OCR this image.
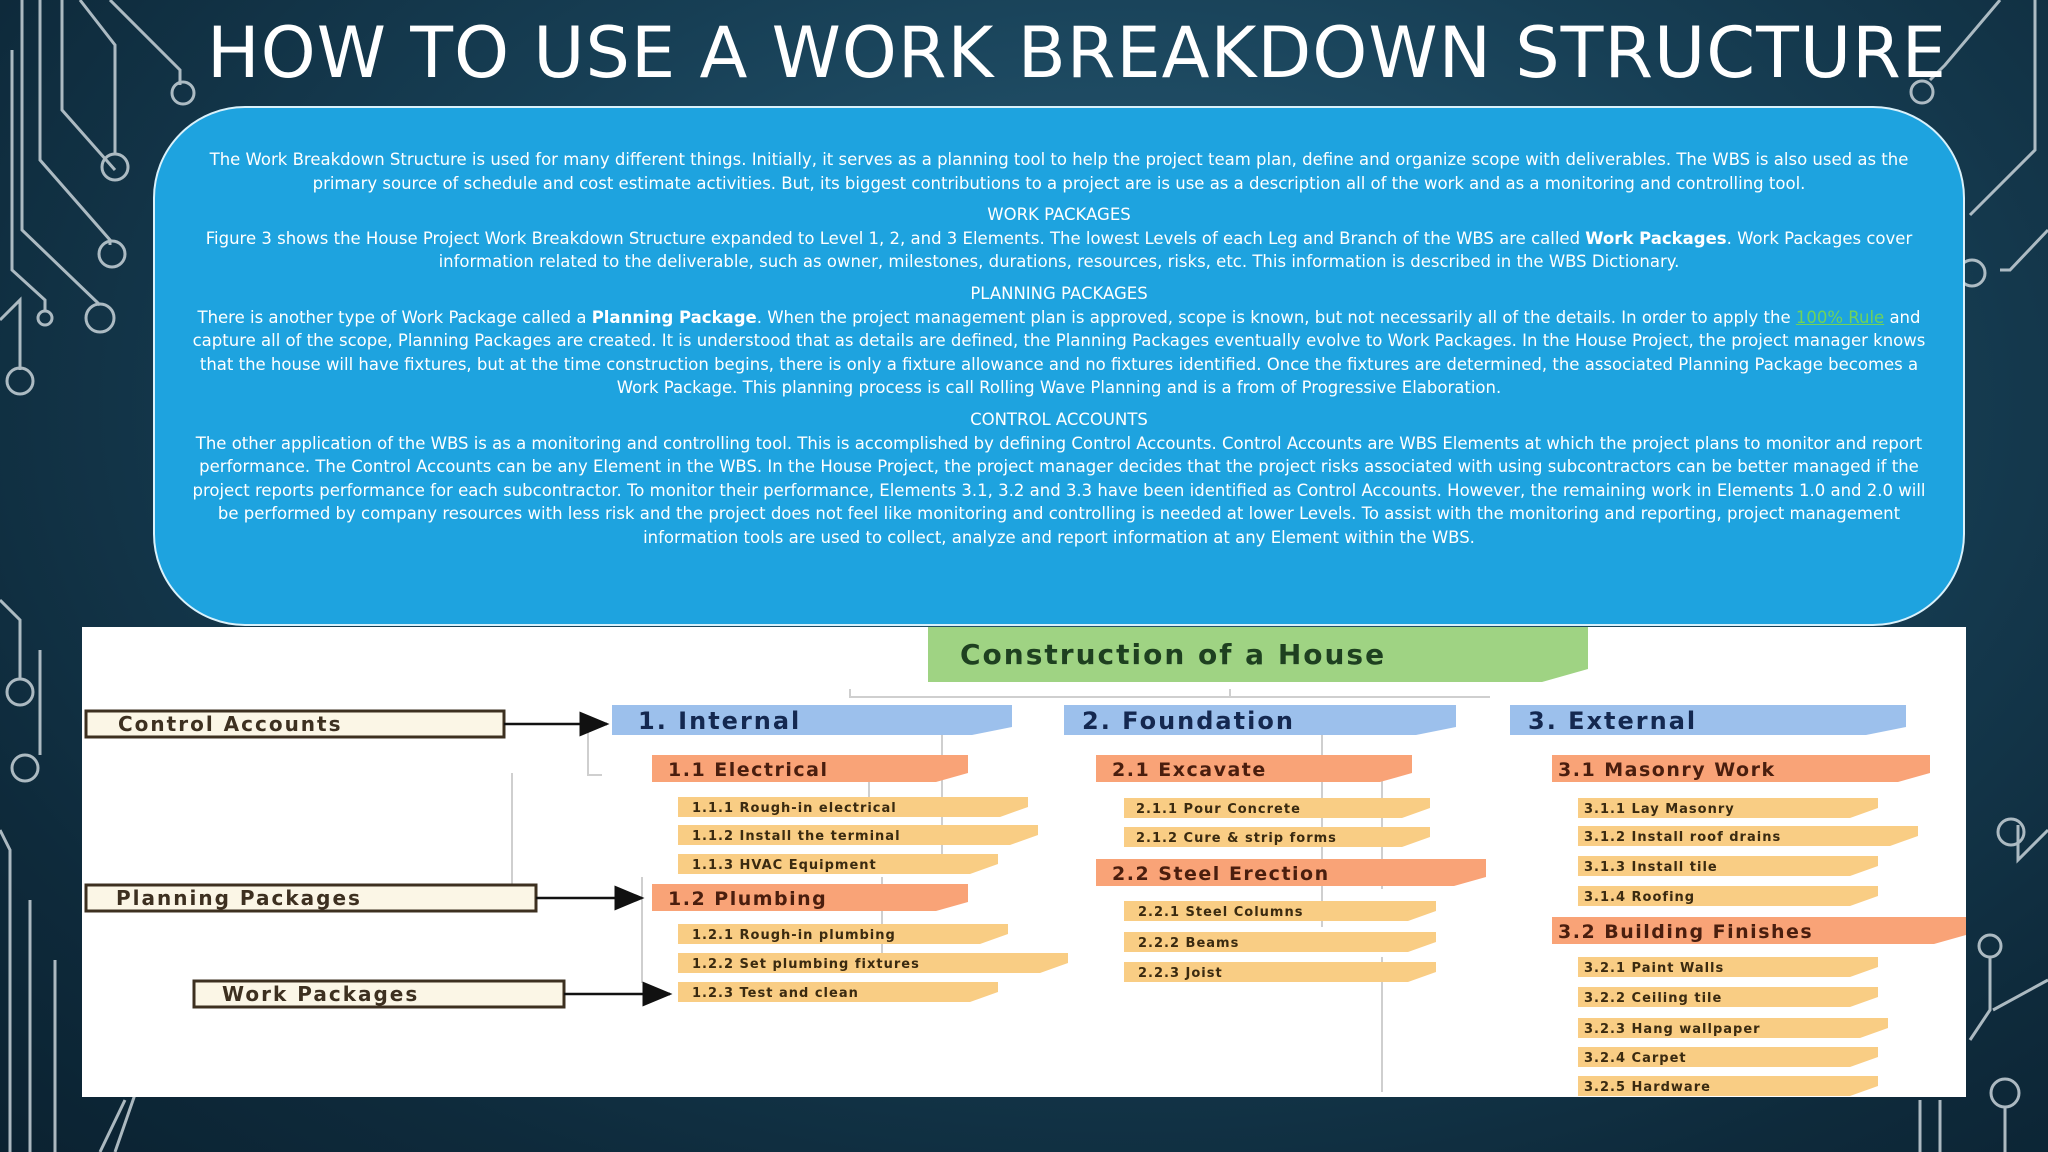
HOW TO USE A WORK BREAKDOWN STRUCTURE

The Work Breakdown Structure is used for many different things. Initially, it serves as a planning tool to help the project team plan, define and organize scope with deliverables. The WBS is also used as the primary source of schedule and cost estimate activities. But, its biggest contributions to a project are is use as a description all of the work and as a monitoring and controlling tool.

WORK PACKAGES

Figure 3 shows the House Project Work Breakdown Structure expanded to Level 1, 2, and 3 Elements. The lowest Levels of each Leg and Branch of the WBS are called Work Packages. Work Packages cover information related to the deliverable, such as owner, milestones, durations, resources, risks, etc. This information is described in the WBS Dictionary.

PLANNING PACKAGES

There is another type of Work Package called a Planning Package. When the project management plan is approved, scope is known, but not necessarily all of the details. In order to apply the 100% Rule and capture all of the scope, Planning Packages are created. It is understood that as details are defined, the Planning Packages eventually evolve to Work Packages. In the House Project, the project manager knows that the house will have fixtures, but at the time construction begins, there is only a fixture allowance and no fixtures identified. Once the fixtures are determined, the associated Planning Package becomes a Work Package. This planning process is call Rolling Wave Planning and is a from of Progressive Elaboration.

CONTROL ACCOUNTS

The other application of the WBS is as a monitoring and controlling tool. This is accomplished by defining Control Accounts. Control Accounts are WBS Elements at which the project plans to monitor and report performance. The Control Accounts can be any Element in the WBS. In the House Project, the project manager decides that the project risks associated with using subcontractors can be better managed if the project reports performance for each subcontractor. To monitor their performance, Elements 3.1, 3.2 and 3.3 have been identified as Control Accounts. However, the remaining work in Elements 1.0 and 2.0 will be performed by company resources with less risk and the project does not feel like monitoring and controlling is needed at lower Levels. To assist with the monitoring and reporting, project management information tools are used to collect, analyze and report information at any Element within the WBS.

Construction of a House
Control Accounts
Planning Packages
Work Packages
1. Internal	2. Foundation	3. External
1.1 Electrical
1.2 Plumbing
2.1 Excavate
2.2 Steel Erection
3.1 Masonry Work
3.2 Building Finishes
1.1.1 Rough-in electrical
1.1.2 Install the terminal
1.1.3 HVAC Equipment
1.2.1 Rough-in plumbing
1.2.2 Set plumbing fixtures
1.2.3 Test and clean
2.1.1 Pour Concrete
2.1.2 Cure & strip forms
2.2.1 Steel Columns
2.2.2 Beams
2.2.3 Joist
3.1.1 Lay Masonry
3.1.2 Install roof drains
3.1.3 Install tile
3.1.4 Roofing
3.2.1 Paint Walls
3.2.2 Ceiling tile
3.2.3 Hang wallpaper
3.2.4 Carpet
3.2.5 Hardware
